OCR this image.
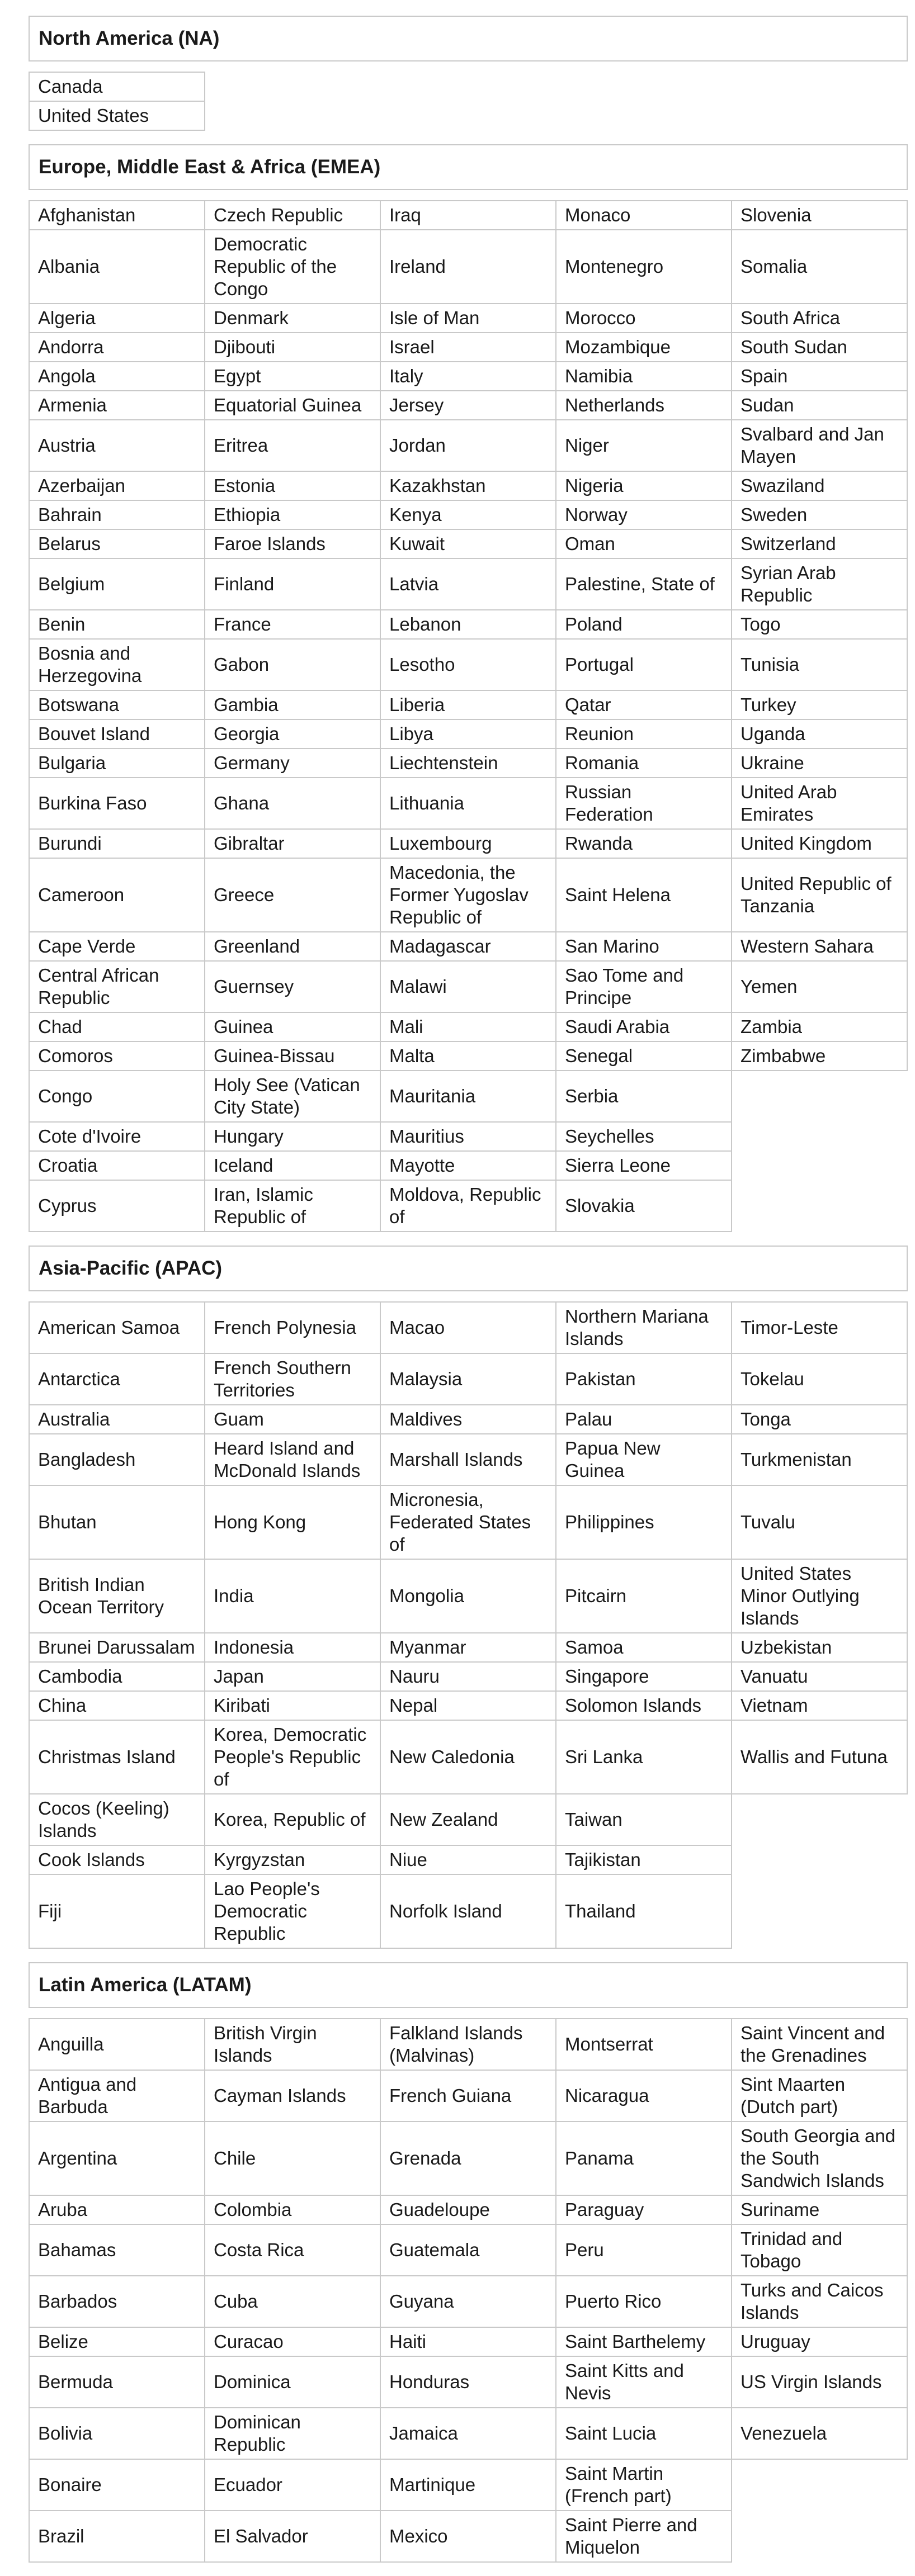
North America (NA)
Canada				
United States				
Europe, Middle East & Africa (EMEA)
Afghanistan	Czech Republic	Iraq	Monaco	Slovenia
Albania	Democratic Republic of the Congo	Ireland	Montenegro	Somalia
Algeria	Denmark	Isle of Man	Morocco	South Africa
Andorra	Djibouti	Israel	Mozambique	South Sudan
Angola	Egypt	Italy	Namibia	Spain
Armenia	Equatorial Guinea	Jersey	Netherlands	Sudan
Austria	Eritrea	Jordan	Niger	Svalbard and Jan Mayen
Azerbaijan	Estonia	Kazakhstan	Nigeria	Swaziland
Bahrain	Ethiopia	Kenya	Norway	Sweden
Belarus	Faroe Islands	Kuwait	Oman	Switzerland
Belgium	Finland	Latvia	Palestine, State of	Syrian Arab Republic
Benin	France	Lebanon	Poland	Togo
Bosnia and Herzegovina	Gabon	Lesotho	Portugal	Tunisia
Botswana	Gambia	Liberia	Qatar	Turkey
Bouvet Island	Georgia	Libya	Reunion	Uganda
Bulgaria	Germany	Liechtenstein	Romania	Ukraine
Burkina Faso	Ghana	Lithuania	Russian Federation	United Arab Emirates
Burundi	Gibraltar	Luxembourg	Rwanda	United Kingdom
Cameroon	Greece	Macedonia, the Former Yugoslav Republic of	Saint Helena	United Republic of Tanzania
Cape Verde	Greenland	Madagascar	San Marino	Western Sahara
Central African Republic	Guernsey	Malawi	Sao Tome and Principe	Yemen
Chad	Guinea	Mali	Saudi Arabia	Zambia
Comoros	Guinea-Bissau	Malta	Senegal	Zimbabwe
Congo	Holy See (Vatican City State)	Mauritania	Serbia	
Cote d'Ivoire	Hungary	Mauritius	Seychelles	
Croatia	Iceland	Mayotte	Sierra Leone	
Cyprus	Iran, Islamic Republic of	Moldova, Republic of	Slovakia	
Asia-Pacific (APAC)
American Samoa	French Polynesia	Macao	Northern Mariana Islands	Timor-Leste
Antarctica	French Southern Territories	Malaysia	Pakistan	Tokelau
Australia	Guam	Maldives	Palau	Tonga
Bangladesh	Heard Island and McDonald Islands	Marshall Islands	Papua New Guinea	Turkmenistan
Bhutan	Hong Kong	Micronesia, Federated States of	Philippines	Tuvalu
British Indian Ocean Territory	India	Mongolia	Pitcairn	United States Minor Outlying Islands
Brunei Darussalam	Indonesia	Myanmar	Samoa	Uzbekistan
Cambodia	Japan	Nauru	Singapore	Vanuatu
China	Kiribati	Nepal	Solomon Islands	Vietnam
Christmas Island	Korea, Democratic People's Republic of	New Caledonia	Sri Lanka	Wallis and Futuna
Cocos (Keeling) Islands	Korea, Republic of	New Zealand	Taiwan	
Cook Islands	Kyrgyzstan	Niue	Tajikistan	
Fiji	Lao People's Democratic Republic	Norfolk Island	Thailand	
Latin America (LATAM)
Anguilla	British Virgin Islands	Falkland Islands (Malvinas)	Montserrat	Saint Vincent and the Grenadines
Antigua and Barbuda	Cayman Islands	French Guiana	Nicaragua	Sint Maarten (Dutch part)
Argentina	Chile	Grenada	Panama	South Georgia and the South Sandwich Islands
Aruba	Colombia	Guadeloupe	Paraguay	Suriname
Bahamas	Costa Rica	Guatemala	Peru	Trinidad and Tobago
Barbados	Cuba	Guyana	Puerto Rico	Turks and Caicos Islands
Belize	Curacao	Haiti	Saint Barthelemy	Uruguay
Bermuda	Dominica	Honduras	Saint Kitts and Nevis	US Virgin Islands
Bolivia	Dominican Republic	Jamaica	Saint Lucia	Venezuela
Bonaire	Ecuador	Martinique	Saint Martin (French part)	
Brazil	El Salvador	Mexico	Saint Pierre and Miquelon	
